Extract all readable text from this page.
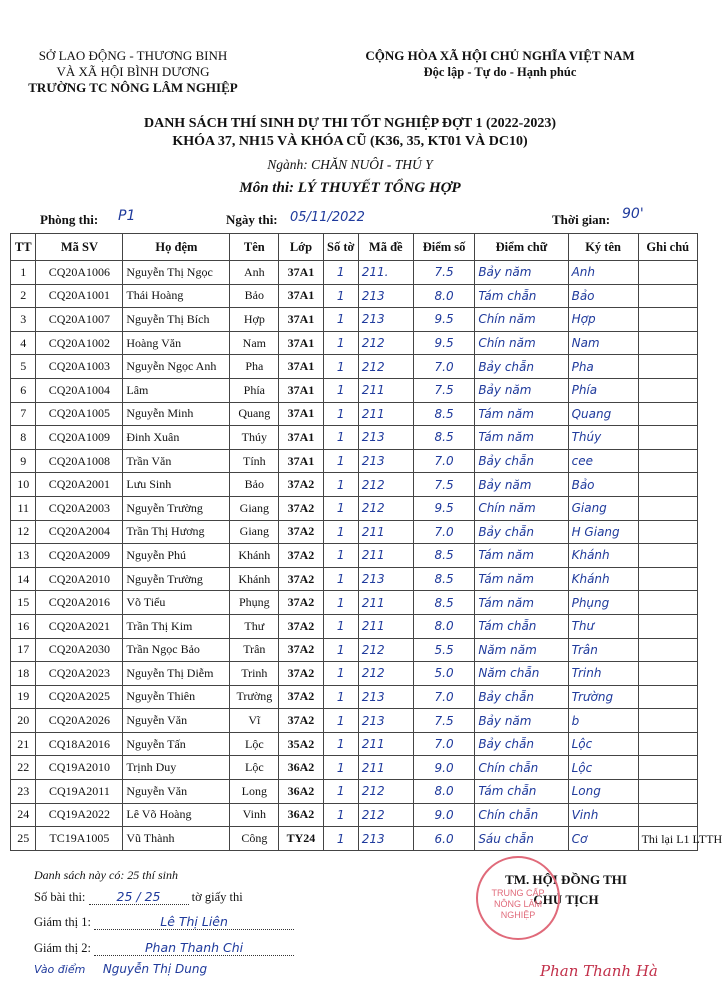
SỞ LAO ĐỘNG - THƯƠNG BINH
VÀ XÃ HỘI BÌNH DƯƠNG
TRƯỜNG TC NÔNG LÂM NGHIỆP
CỘNG HÒA XÃ HỘI CHỦ NGHĨA VIỆT NAM
Độc lập - Tự do - Hạnh phúc
DANH SÁCH THÍ SINH DỰ THI TỐT NGHIỆP ĐỢT 1 (2022-2023)
KHÓA 37, NH15 VÀ KHÓA CŨ (K36, 35, KT01 VÀ DC10)
Ngành: CHĂN NUÔI - THÚ Y
Môn thi: LÝ THUYẾT TỔNG HỢP
Phòng thi: P1	Ngày thi: 05/11/2022	Thời gian: 90'
TT	Mã SV	Họ đệm	Tên	Lớp	Số tờ	Mã đề	Điểm số	Điểm chữ	Ký tên	Ghi chú
1	CQ20A1006	Nguyễn Thị Ngọc	Anh	37A1	1	211.	7.5	Bảy năm	Anh	
2	CQ20A1001	Thái Hoàng	Bảo	37A1	1	213	8.0	Tám chẵn	Bảo	
3	CQ20A1007	Nguyễn Thị Bích	Hợp	37A1	1	213	9.5	Chín năm	Hợp	
4	CQ20A1002	Hoàng Văn	Nam	37A1	1	212	9.5	Chín năm	Nam	
5	CQ20A1003	Nguyễn Ngọc Anh	Pha	37A1	1	212	7.0	Bảy chẵn	Pha	
6	CQ20A1004	Lâm	Phía	37A1	1	211	7.5	Bảy năm	Phía	
7	CQ20A1005	Nguyễn Minh	Quang	37A1	1	211	8.5	Tám năm	Quang	
8	CQ20A1009	Đinh Xuân	Thúy	37A1	1	213	8.5	Tám năm	Thúy	
9	CQ20A1008	Trần Văn	Tính	37A1	1	213	7.0	Bảy chẵn	cee	
10	CQ20A2001	Lưu Sinh	Bảo	37A2	1	212	7.5	Bảy năm	Bảo	
11	CQ20A2003	Nguyễn Trường	Giang	37A2	1	212	9.5	Chín năm	Giang	
12	CQ20A2004	Trần Thị Hương	Giang	37A2	1	211	7.0	Bảy chẵn	H Giang	
13	CQ20A2009	Nguyễn Phú	Khánh	37A2	1	211	8.5	Tám năm	Khánh	
14	CQ20A2010	Nguyễn Trường	Khánh	37A2	1	213	8.5	Tám năm	Khánh	
15	CQ20A2016	Võ Tiểu	Phụng	37A2	1	211	8.5	Tám năm	Phụng	
16	CQ20A2021	Trần Thị Kim	Thư	37A2	1	211	8.0	Tám chẵn	Thư	
17	CQ20A2030	Trần Ngọc Bảo	Trân	37A2	1	212	5.5	Năm năm	Trân	
18	CQ20A2023	Nguyễn Thị Diễm	Trinh	37A2	1	212	5.0	Năm chẵn	Trinh	
19	CQ20A2025	Nguyễn Thiên	Trường	37A2	1	213	7.0	Bảy chẵn	Trường	
20	CQ20A2026	Nguyễn Văn	Vĩ	37A2	1	213	7.5	Bảy năm	b	
21	CQ18A2016	Nguyễn Tấn	Lộc	35A2	1	211	7.0	Bảy chẵn	Lộc	
22	CQ19A2010	Trịnh Duy	Lộc	36A2	1	211	9.0	Chín chẵn	Lộc	
23	CQ19A2011	Nguyễn Văn	Long	36A2	1	212	8.0	Tám chẵn	Long	
24	CQ19A2022	Lê Võ Hoàng	Vinh	36A2	1	212	9.0	Chín chẵn	Vinh	
25	TC19A1005	Vũ Thành	Công	TY24	1	213	6.0	Sáu chẵn	Cơ	Thi lại L1 LTTH
Danh sách này có: 25 thí sinh
Số bài thi: 25 / 25 tờ giấy thi
Giám thị 1:	Lê Thị Liên
Giám thị 2:	Phan Thanh Chi
Vào điểm Nguyễn Thị Dung
TM. HỘI ĐỒNG THI
CHỦ TỊCH
TRUNG CẤP NÔNG LÂM NGHIỆP
Phan Thanh Hà
